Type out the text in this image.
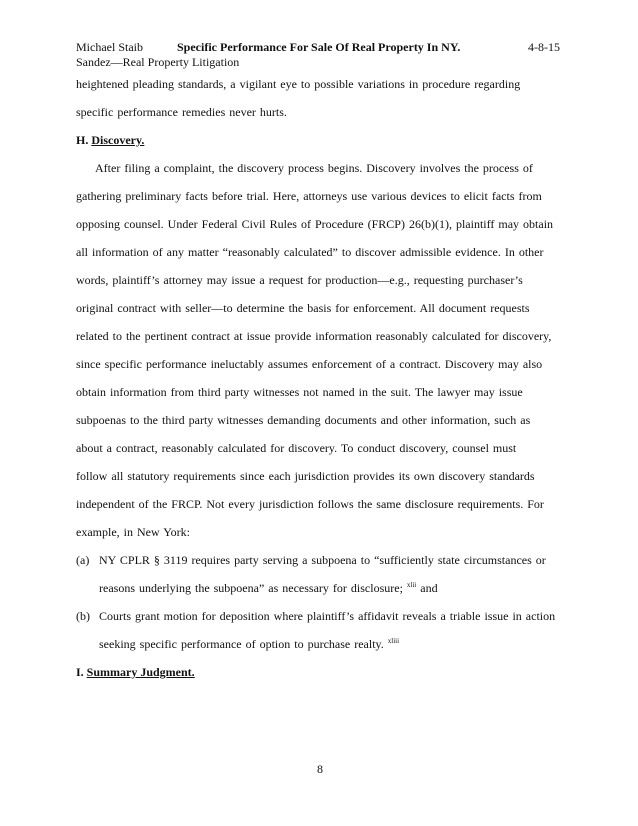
Michael Staib	Specific Performance For Sale Of Real Property In NY.	4-8-15
Sandez—Real Property Litigation
heightened pleading standards, a vigilant eye to possible variations in procedure regarding
specific performance remedies never hurts.
H. Discovery.
After filing a complaint, the discovery process begins. Discovery involves the process of
gathering preliminary facts before trial. Here, attorneys use various devices to elicit facts from
opposing counsel. Under Federal Civil Rules of Procedure (FRCP) 26(b)(1), plaintiff may obtain
all information of any matter “reasonably calculated” to discover admissible evidence. In other
words, plaintiff’s attorney may issue a request for production—e.g., requesting purchaser’s
original contract with seller—to determine the basis for enforcement. All document requests
related to the pertinent contract at issue provide information reasonably calculated for discovery,
since specific performance ineluctably assumes enforcement of a contract. Discovery may also
obtain information from third party witnesses not named in the suit. The lawyer may issue
subpoenas to the third party witnesses demanding documents and other information, such as
about a contract, reasonably calculated for discovery. To conduct discovery, counsel must
follow all statutory requirements since each jurisdiction provides its own discovery standards
independent of the FRCP. Not every jurisdiction follows the same disclosure requirements. For
example, in New York:
(a) NY CPLR § 3119 requires party serving a subpoena to “sufficiently state circumstances or
reasons underlying the subpoena” as necessary for disclosure; $^{xlii}$ and
(b) Courts grant motion for deposition where plaintiff’s affidavit reveals a triable issue in action
seeking specific performance of option to purchase realty. $^{xliii}$
I. Summary Judgment.
8
